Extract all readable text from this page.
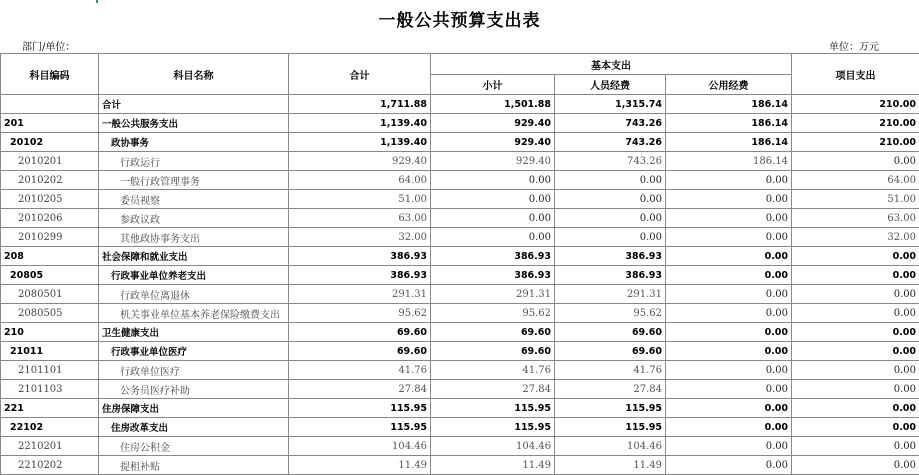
一般公共预算支出表
部门/单位：	单位：万元
科目编码	科目名称	合计	基本支出			项目支出
			小计	人员经费	公用经费	
	合计	1,711.88	1,501.88	1,315.74	186.14	210.00
201	一般公共服务支出	1,139.40	929.40	743.26	186.14	210.00
20102	政协事务	1,139.40	929.40	743.26	186.14	210.00
2010201	行政运行	929.40	929.40	743.26	186.14	0.00
2010202	一般行政管理事务	64.00	0.00	0.00	0.00	64.00
2010205	委员视察	51.00	0.00	0.00	0.00	51.00
2010206	参政议政	63.00	0.00	0.00	0.00	63.00
2010299	其他政协事务支出	32.00	0.00	0.00	0.00	32.00
208	社会保障和就业支出	386.93	386.93	386.93	0.00	0.00
20805	行政事业单位养老支出	386.93	386.93	386.93	0.00	0.00
2080501	行政单位离退休	291.31	291.31	291.31	0.00	0.00
2080505	机关事业单位基本养老保险缴费支出	95.62	95.62	95.62	0.00	0.00
210	卫生健康支出	69.60	69.60	69.60	0.00	0.00
21011	行政事业单位医疗	69.60	69.60	69.60	0.00	0.00
2101101	行政单位医疗	41.76	41.76	41.76	0.00	0.00
2101103	公务员医疗补助	27.84	27.84	27.84	0.00	0.00
221	住房保障支出	115.95	115.95	115.95	0.00	0.00
22102	住房改革支出	115.95	115.95	115.95	0.00	0.00
2210201	住房公积金	104.46	104.46	104.46	0.00	0.00
2210202	提租补贴	11.49	11.49	11.49	0.00	0.00
